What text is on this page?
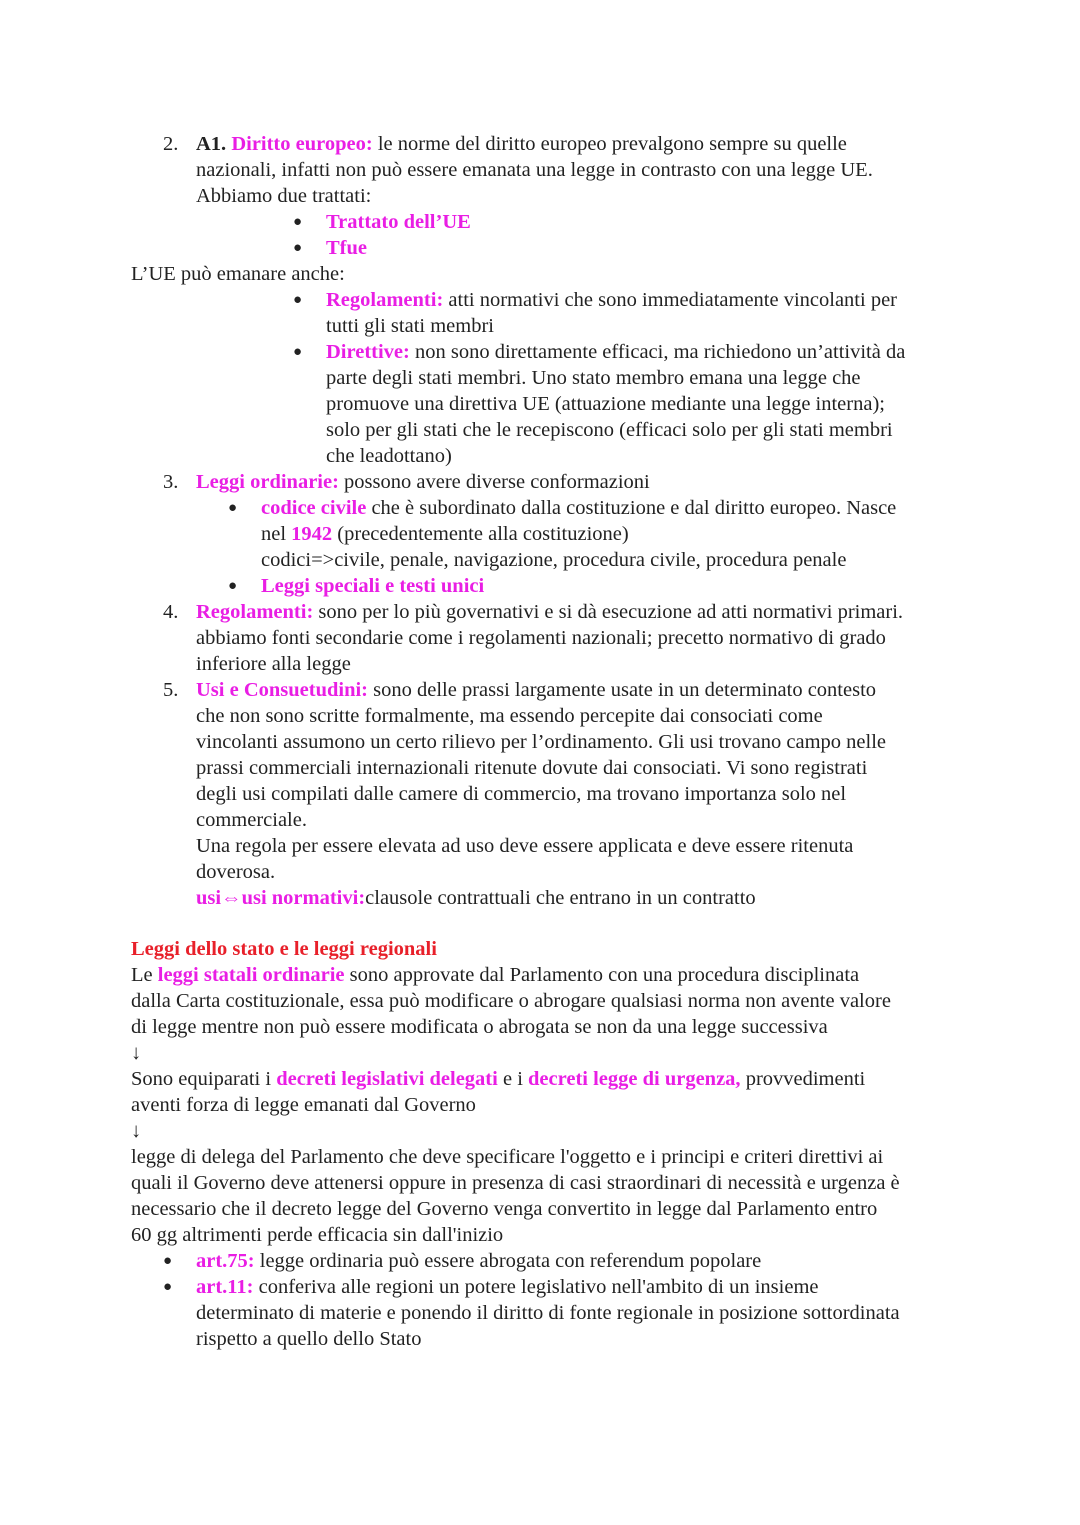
2. A1. Diritto europeo: le norme del diritto europeo prevalgono sempre su quelle
nazionali, infatti non può essere emanata una legge in contrasto con una legge UE.
Abbiamo due trattati:
● Trattato dell’UE
● Tfue
L’UE può emanare anche:
● Regolamenti: atti normativi che sono immediatamente vincolanti per
tutti gli stati membri
● Direttive: non sono direttamente efficaci, ma richiedono un’attività da
parte degli stati membri. Uno stato membro emana una legge che
promuove una direttiva UE (attuazione mediante una legge interna);
solo per gli stati che le recepiscono (efficaci solo per gli stati membri
che leadottano)
3. Leggi ordinarie: possono avere diverse conformazioni
● codice civile che è subordinato dalla costituzione e dal diritto europeo. Nasce
nel 1942 (precedentemente alla costituzione)
codici=>civile, penale, navigazione, procedura civile, procedura penale
● Leggi speciali e testi unici
4. Regolamenti: sono per lo più governativi e si dà esecuzione ad atti normativi primari.
abbiamo fonti secondarie come i regolamenti nazionali; precetto normativo di grado
inferiore alla legge
5. Usi e Consuetudini: sono delle prassi largamente usate in un determinato contesto
che non sono scritte formalmente, ma essendo percepite dai consociati come
vincolanti assumono un certo rilievo per l’ordinamento. Gli usi trovano campo nelle
prassi commerciali internazionali ritenute dovute dai consociati. Vi sono registrati
degli usi compilati dalle camere di commercio, ma trovano importanza solo nel
commerciale.
Una regola per essere elevata ad uso deve essere applicata e deve essere ritenuta
doverosa.
usi⇔usi normativi:clausole contrattuali che entrano in un contratto
Leggi dello stato e le leggi regionali
Le leggi statali ordinarie sono approvate dal Parlamento con una procedura disciplinata
dalla Carta costituzionale, essa può modificare o abrogare qualsiasi norma non avente valore
di legge mentre non può essere modificata o abrogata se non da una legge successiva
↓
Sono equiparati i decreti legislativi delegati e i decreti legge di urgenza, provvedimenti
aventi forza di legge emanati dal Governo
↓
legge di delega del Parlamento che deve specificare l'oggetto e i principi e criteri direttivi ai
quali il Governo deve attenersi oppure in presenza di casi straordinari di necessità e urgenza è
necessario che il decreto legge del Governo venga convertito in legge dal Parlamento entro
60 gg altrimenti perde efficacia sin dall'inizio
● art.75: legge ordinaria può essere abrogata con referendum popolare
● art.11: conferiva alle regioni un potere legislativo nell'ambito di un insieme
determinato di materie e ponendo il diritto di fonte regionale in posizione sottordinata
rispetto a quello dello Stato
